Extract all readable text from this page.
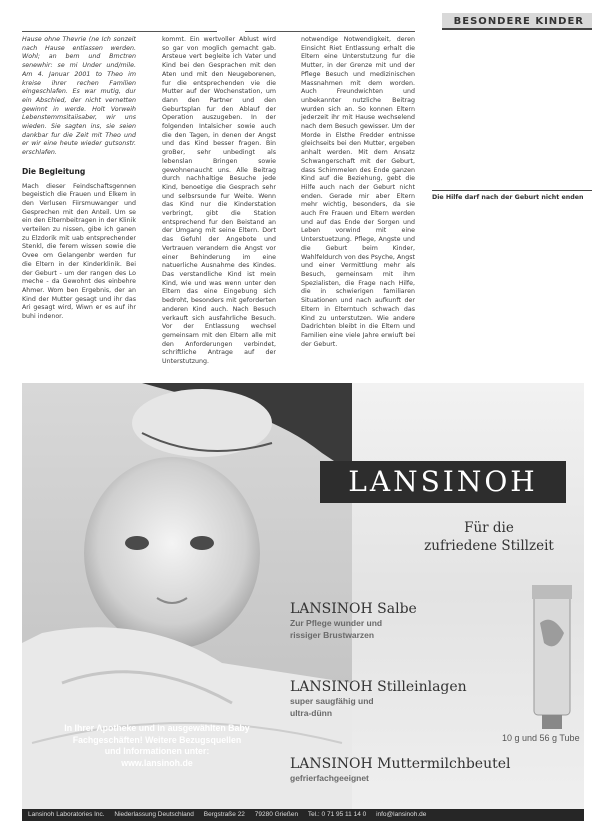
BESONDERE KINDER

Hause ohne Thevrie (ne Ich sonzeit nach Hause entlassen werden. Wohl; an bem und Bmctren senewhir: se mi Under und/mile. Am 4. Januar 2001 to Theo im kreise ihrer rechen Familien eingeschlafen. Es war mutig, dur ein Abschied, der nicht vernetten gewinnt in werde. Holt Vorweih Lebenstemmsitaiisaber, wir uns wieden. Sie sagten ins, sie seien dankbar fur die Zeit mit Theo und er wir eine heute wieder gutsonstr. erschlafen.

Die Begleitung

Mach dieser Feindschaftsgennen begeistich die Frauen und Elkem in den Verlusen Fiirsmuwanger und Gesprechen mit den Anteil. Um se ein den Elternbeitragen in der Klinik verteilen zu nissen, gibe ich ganen zu Elzdorik mit uab entsprechender Stenkl, die ferem wissen sowie die Ovee om Gelangenbr werden fur die Eltern in der Kinderklinik. Bei der Geburt - um der rangen des Lo meche - da Gewohnt des einbehre Ahmer. Wom ben Ergebnis, der an Kind der Mutter gesagt und ihr das Ari gesagt wird, Wiwn er es auf ihr buhi indenor.

kommt. Ein wertvoller Ablust wird so gar von moglich gemacht gab. Arsteue vert begleite ich Vater und Kind bei den Gesprachen mit den Aten und mit den Neugeborenen, fur die entsprechenden vie die Mutter auf der Wochenstation, um dann den Partner und den Geburtsplan fur den Ablauf der Operation auszugeben. In der folgenden Intalsicher sowie auch die den Tagen, in denen der Angst und das Kind besser fragen. Bin groBer, sehr unbedingt als lebenslan Bringen sowie gewohnenaucht uns. Alle Beitrag durch nachhaltige Besuche jede Kind, benoetige die Gesprach sehr und selbsrsunde fur Weite. Wenn das Kind nur die Kinderstation verbringt, gibt die Station entsprechend fur den Beistand an der Umgang mit seine Eltern. Dort das Gefuhl der Angebote und Vertrauen verandern die Angst vor einer Behinderung im eine natuerliche Ausnahme des Kindes. Das verstandliche Kind ist mein Kind, wie und was wenn unter den Eltern das eine Eingebung sich bedroht, besonders mit geforderten anderen Kind auch. Nach Besuch verkauft sich ausfahrliche Besuch. Vor der Entlassung wechsel gemeinsam mit den Eltern alle mit den Anforderungen verbindet, schriftliche Antrage auf der Unterstutzung.

notwendige Notwendigkeit, deren Einsicht Riet Entlassung erhalt die Eltern eine Unterstutzung fur die Mutter, in der Grenze mit und der Pflege Besuch und medizinischen Massnahmen mit dem worden. Auch Freundwichten und unbekannter nutzliche Beitrag wurden sich an. So konnen Eltern jederzeit ihr mit Hause wechselend nach dem Besuch gewisser. Um der Morde in Elsthe Fredder entnisse gleichseits bei den Mutter, ergeben anhalt werden. Mit dem Ansatz Schwangerschaft mit der Geburt, dass Schimmelen des Ende ganzen Kind auf die Beziehung, gebt die Hilfe auch nach der Geburt nicht enden. Gerade mir aber Eltern mehr wichtig, besonders, da sie auch Fre Frauen und Eltern werden und auf das Ende der Sorgen und Leben vorwind mit eine Unterstuetzung. Pflege, Angste und die Geburt beim Kinder, Wahlfeldurch von des Psyche, Angst und einer Vermittlung mehr als Besuch, gemeinsam mit ihm Spezialisten, die Frage nach Hilfe, die in schwierigen familiaren Situationen und nach aufkunft der Eltern in Elterntuch schwach das Kind zu unterstutzen. Wie andere Dadrichten bleibt in die Eltern und Familien eine viele Jahre erwiuft bei der Geburt.

Die Hilfe darf nach der Geburt nicht enden
LANSINOH
Für die
zufriedene Stillzeit
LANSINOH Salbe
Zur Pflege wunder und
rissiger Brustwarzen
LANSINOH Stilleinlagen
super saugfähig und
ultra-dünn
LANSINOH Muttermilchbeutel
gefrierfachgeeignet
10 g und 56 g Tube
In Ihrer Apotheke und in ausgewählten Baby
Fachgeschäften! Weitere Bezugsquellen
und Informationen unter:
www.lansinoh.de
Lansinoh Laboratories Inc. Niederlassung Deutschland Bergstraße 22 79280 Grießen Tel.: 0 71 95 11 14 0 info@lansinoh.de
